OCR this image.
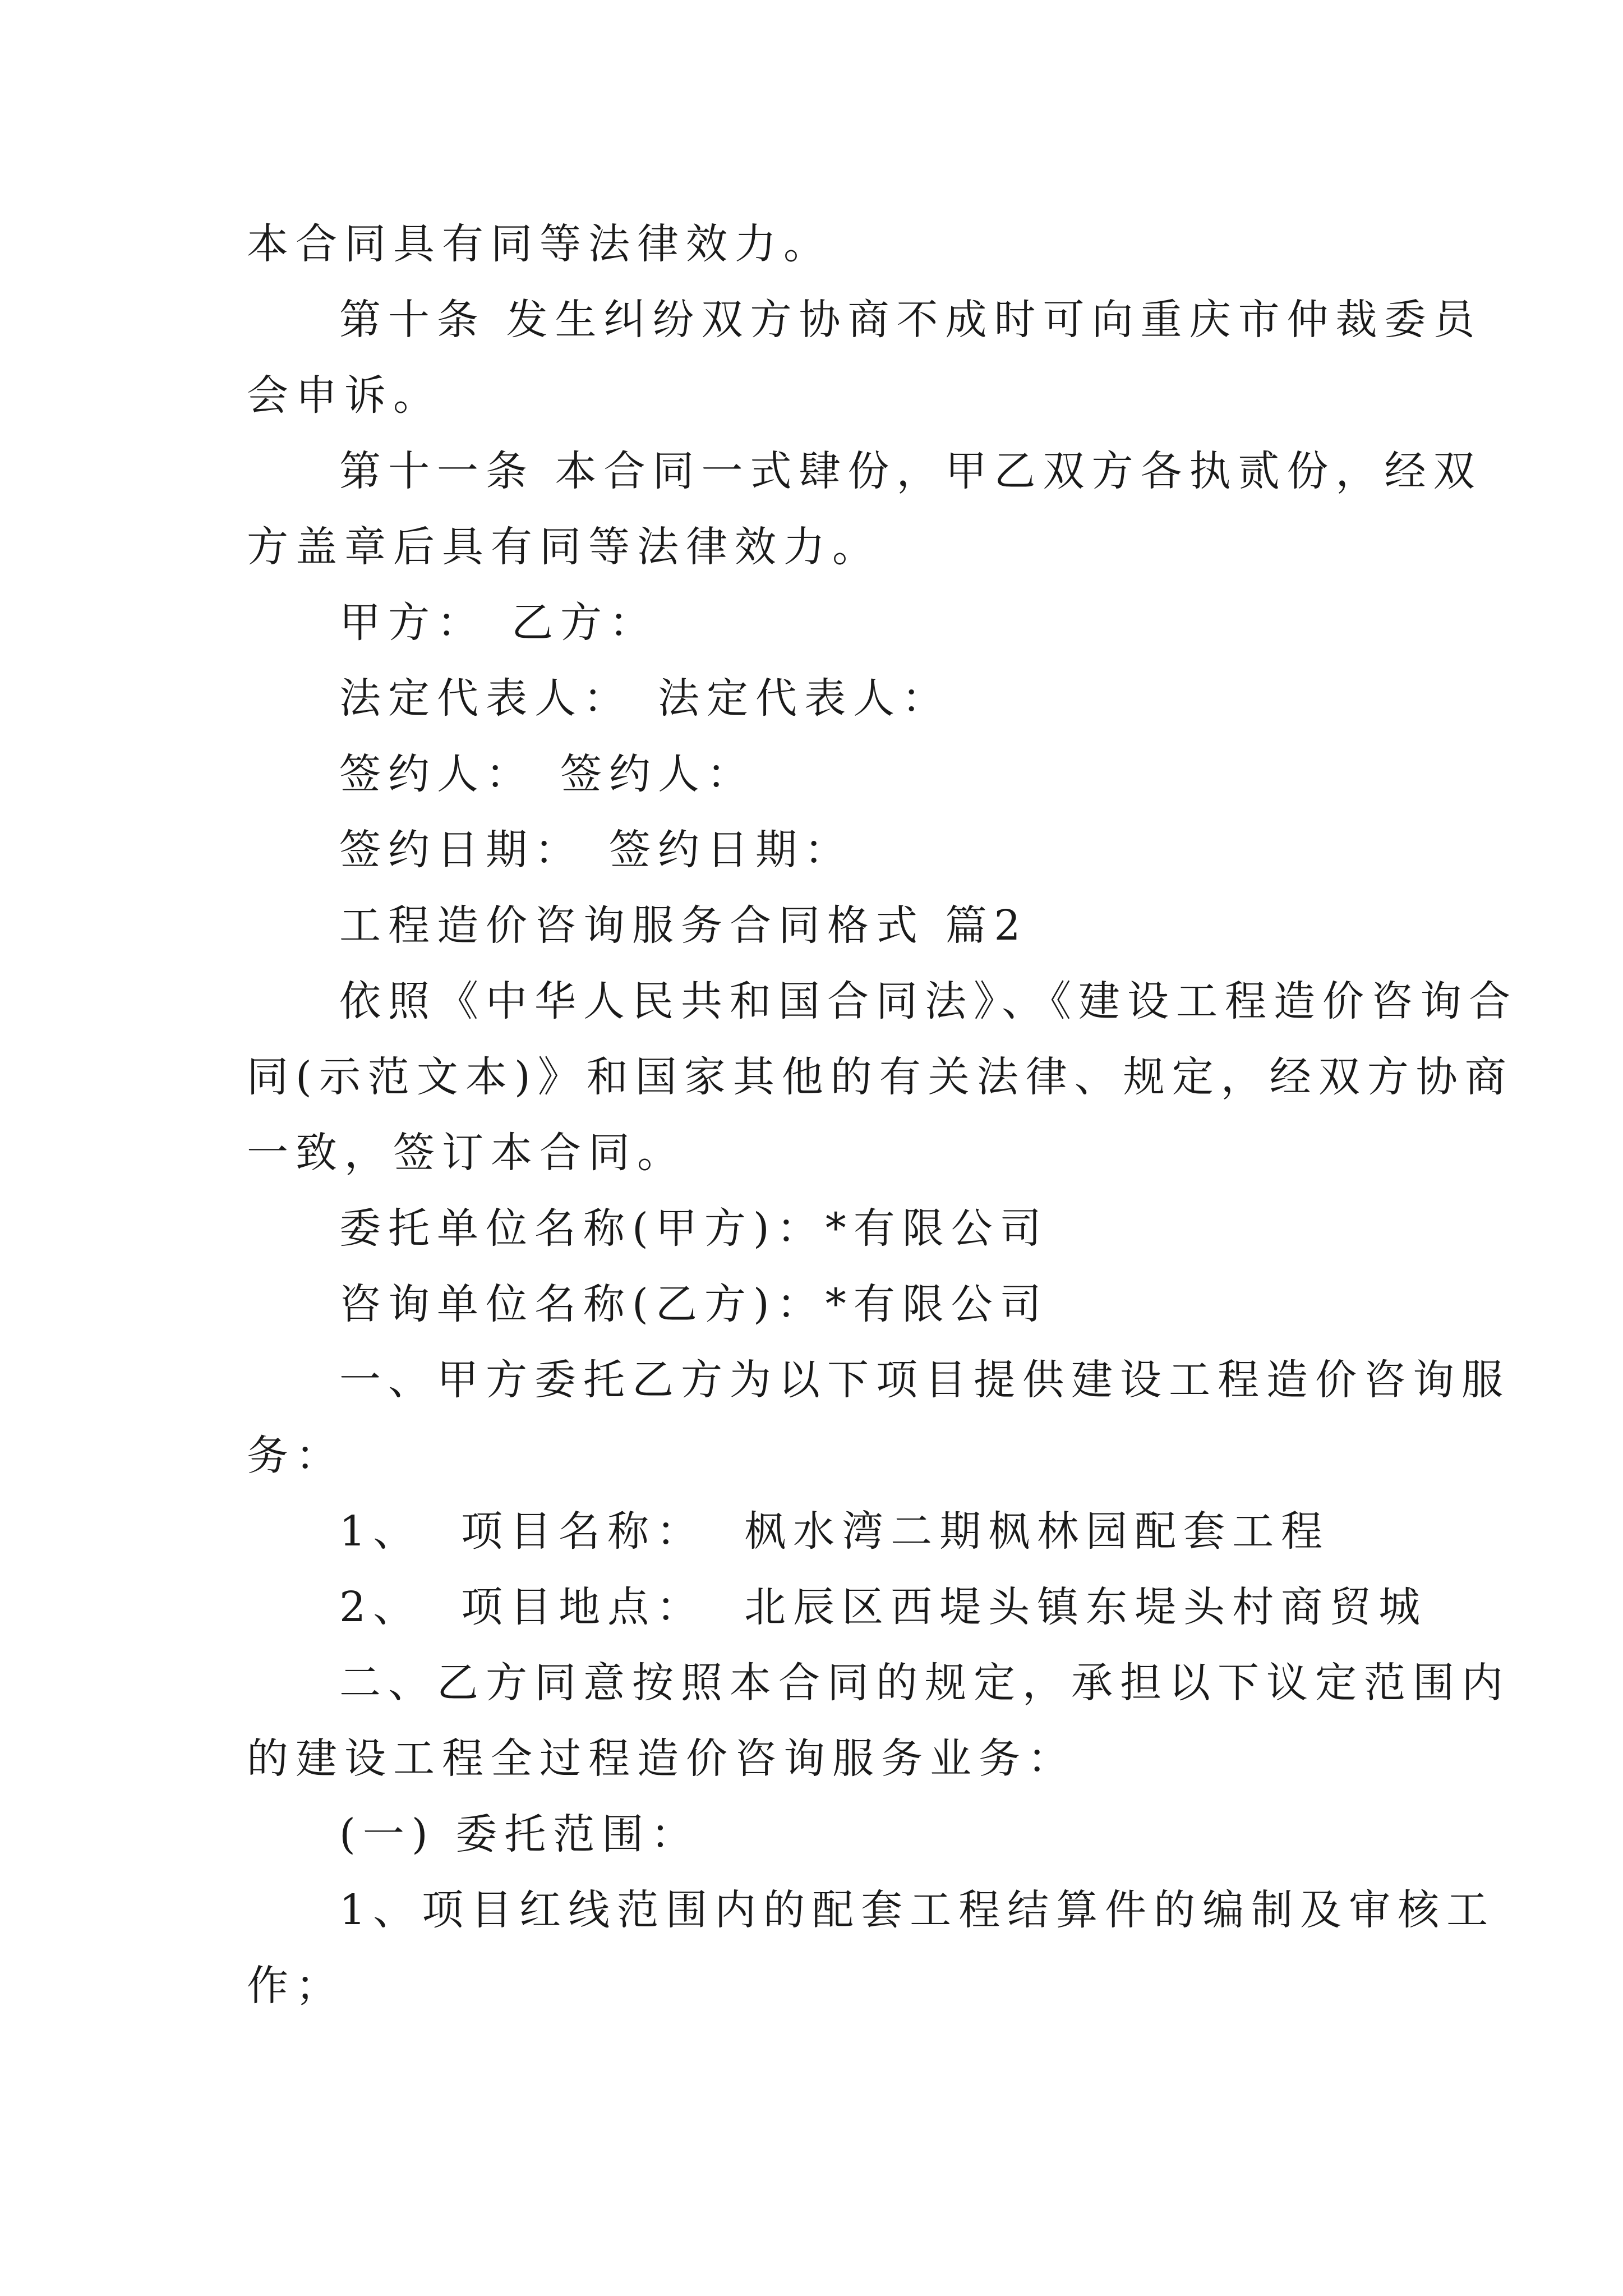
本合同具有同等法律效力。
第十条 发生纠纷双方协商不成时可向重庆市仲裁委员
会申诉。
第十一条 本合同一式肆份，甲乙双方各执贰份，经双
方盖章后具有同等法律效力。
甲方： 乙方：
法定代表人： 法定代表人：
签约人： 签约人：
签约日期： 签约日期：
工程造价咨询服务合同格式 篇2
依照《中华人民共和国合同法》、《建设工程造价咨询合
同(示范文本)》和国家其他的有关法律、规定，经双方协商
一致，签订本合同。
委托单位名称(甲方)：*有限公司
咨询单位名称(乙方)：*有限公司
一、甲方委托乙方为以下项目提供建设工程造价咨询服
务：
1、 项目名称： 枫水湾二期枫林园配套工程
2、 项目地点： 北辰区西堤头镇东堤头村商贸城
二、乙方同意按照本合同的规定，承担以下议定范围内
的建设工程全过程造价咨询服务业务：
(一) 委托范围：
1、项目红线范围内的配套工程结算件的编制及审核工
作；
